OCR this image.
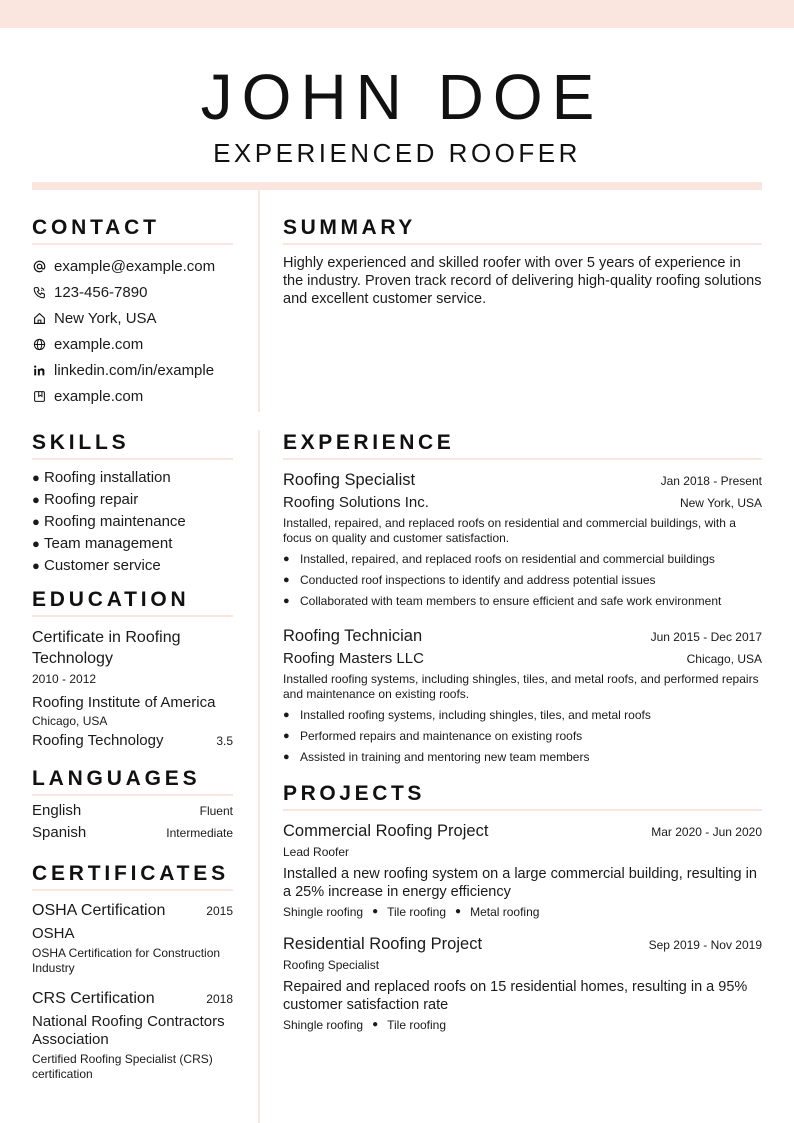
JOHN DOE
EXPERIENCED ROOFER
CONTACT
example@example.com
123-456-7890
New York, USA
example.com
linkedin.com/in/example
example.com
SKILLS
● Roofing installation
● Roofing repair
● Roofing maintenance
● Team management
● Customer service
EDUCATION
Certificate in Roofing Technology
2010 - 2012
Roofing Institute of America
Chicago, USA
Roofing Technology	3.5
LANGUAGES
English	Fluent
Spanish	Intermediate
CERTIFICATES
OSHA Certification	2015
OSHA
OSHA Certification for Construction Industry
CRS Certification	2018
National Roofing Contractors Association
Certified Roofing Specialist (CRS) certification
SUMMARY

Highly experienced and skilled roofer with over 5 years of experience in the industry. Proven track record of delivering high-quality roofing solutions and excellent customer service.

EXPERIENCE
Roofing Specialist	Jan 2018 - Present
Roofing Solutions Inc.	New York, USA
Installed, repaired, and replaced roofs on residential and commercial buildings, with a focus on quality and customer satisfaction.
● Installed, repaired, and replaced roofs on residential and commercial buildings
● Conducted roof inspections to identify and address potential issues
● Collaborated with team members to ensure efficient and safe work environment
Roofing Technician	Jun 2015 - Dec 2017
Roofing Masters LLC	Chicago, USA
Installed roofing systems, including shingles, tiles, and metal roofs, and performed repairs and maintenance on existing roofs.
● Installed roofing systems, including shingles, tiles, and metal roofs
● Performed repairs and maintenance on existing roofs
● Assisted in training and mentoring new team members
PROJECTS
Commercial Roofing Project	Mar 2020 - Jun 2020
Lead Roofer
Installed a new roofing system on a large commercial building, resulting in a 25% increase in energy efficiency
Shingle roofing ● Tile roofing ● Metal roofing
Residential Roofing Project	Sep 2019 - Nov 2019
Roofing Specialist
Repaired and replaced roofs on 15 residential homes, resulting in a 95% customer satisfaction rate
Shingle roofing ● Tile roofing
